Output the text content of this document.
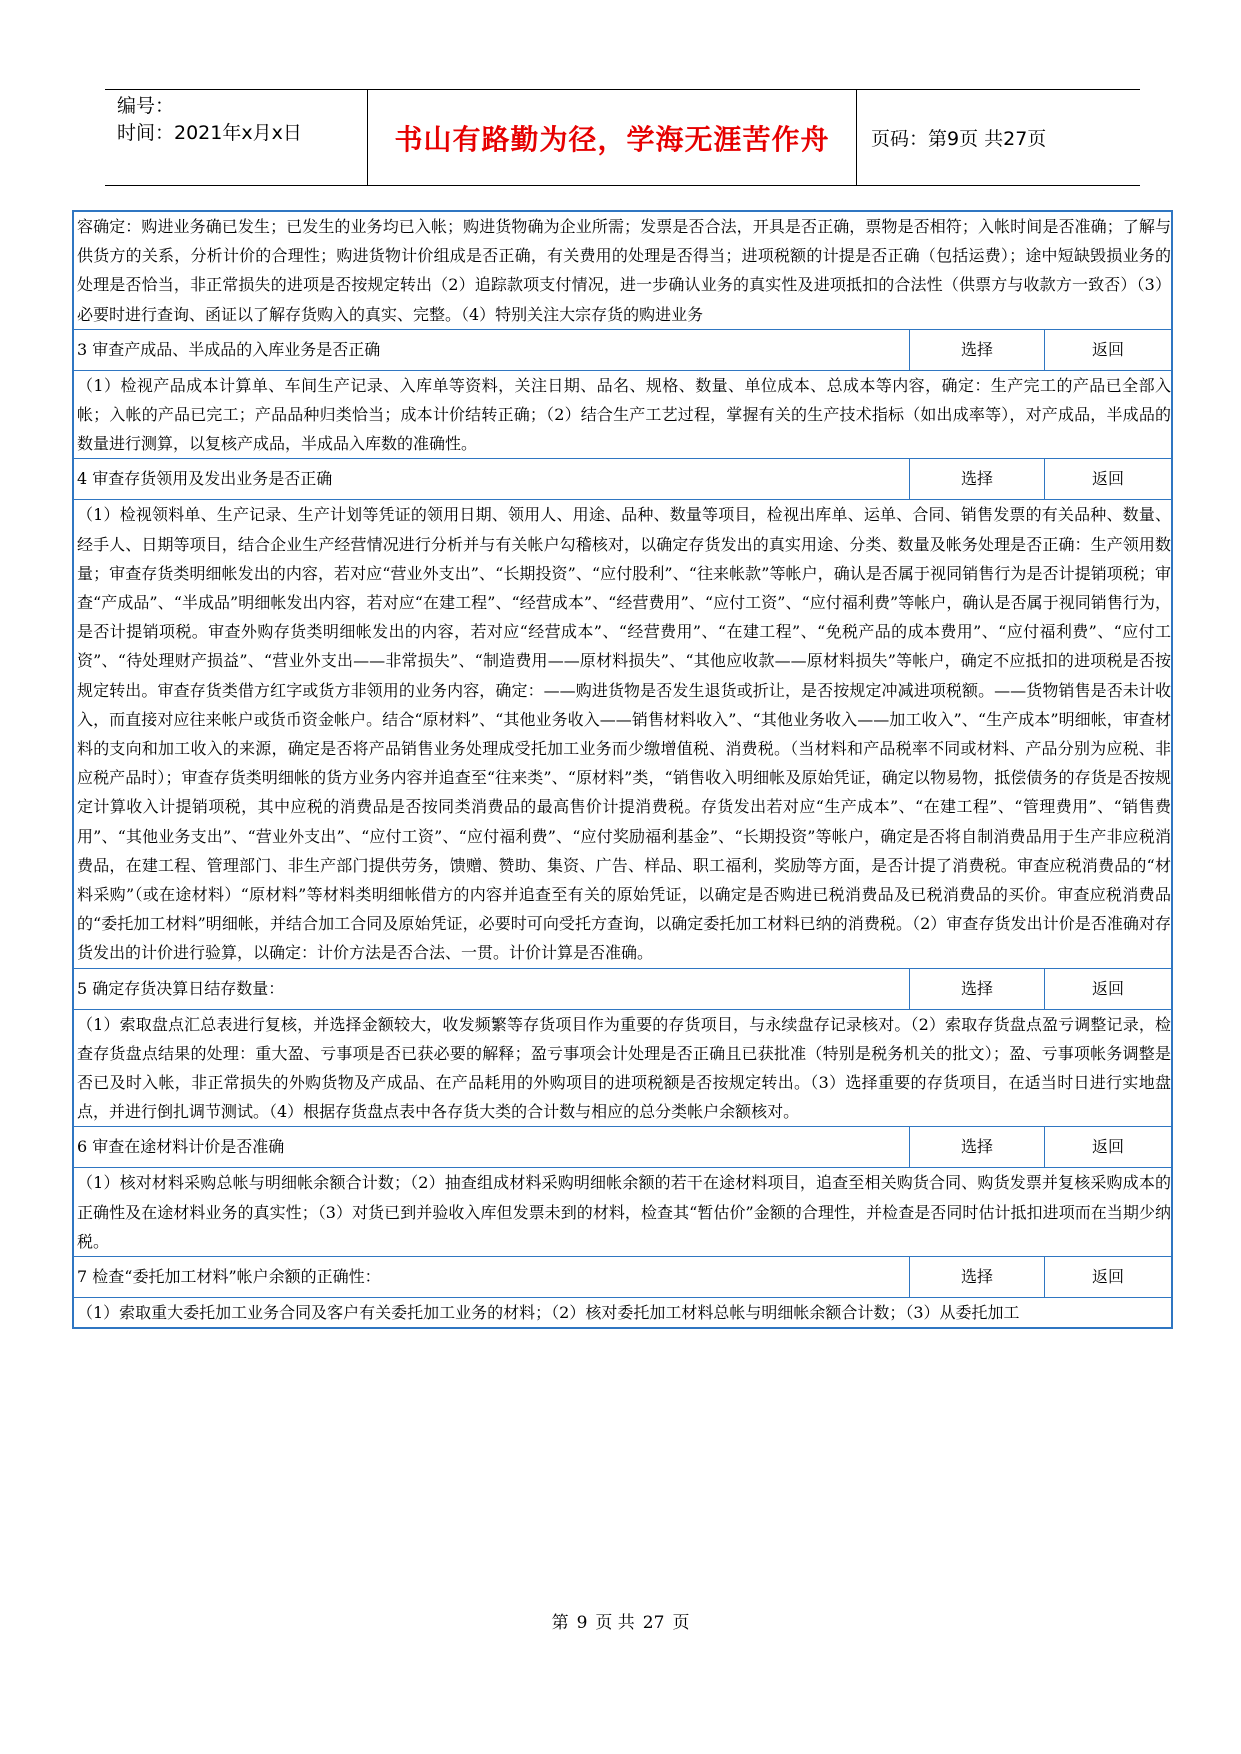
编号：
时间：2021年x月x日	书山有路勤为径，学海无涯苦作舟	页码：第9页 共27页
容确定：购进业务确已发生；已发生的业务均已入帐；购进货物确为企业所需；发票是否合法，开具是否正确，票物是否相符；入帐时间是否准确；了解与供货方的关系，分析计价的合理性；购进货物计价组成是否正确，有关费用的处理是否得当；进项税额的计提是否正确（包括运费）；途中短缺毁损业务的处理是否恰当，非正常损失的进项是否按规定转出（2）追踪款项支付情况，进一步确认业务的真实性及进项抵扣的合法性（供票方与收款方一致否）（3）必要时进行查询、函证以了解存货购入的真实、完整。（4）特别关注大宗存货的购进业务
3 审查产成品、半成品的入库业务是否正确	选择	返回
（1）检视产品成本计算单、车间生产记录、入库单等资料，关注日期、品名、规格、数量、单位成本、总成本等内容，确定：生产完工的产品已全部入帐；入帐的产品已完工；产品品种归类恰当；成本计价结转正确；（2）结合生产工艺过程，掌握有关的生产技术指标（如出成率等），对产成品，半成品的数量进行测算，以复核产成品，半成品入库数的准确性。
4 审查存货领用及发出业务是否正确	选择	返回
（1）检视领料单、生产记录、生产计划等凭证的领用日期、领用人、用途、品种、数量等项目，检视出库单、运单、合同、销售发票的有关品种、数量、经手人、日期等项目，结合企业生产经营情况进行分析并与有关帐户勾稽核对，以确定存货发出的真实用途、分类、数量及帐务处理是否正确：生产领用数量；审查存货类明细帐发出的内容，若对应“营业外支出”、“长期投资”、“应付股利”、“往来帐款”等帐户，确认是否属于视同销售行为是否计提销项税；审查“产成品”、“半成品”明细帐发出内容，若对应“在建工程”、“经营成本”、“经营费用”、“应付工资”、“应付福利费”等帐户，确认是否属于视同销售行为，是否计提销项税。审查外购存货类明细帐发出的内容，若对应“经营成本”、“经营费用”、“在建工程”、“免税产品的成本费用”、“应付福利费”、“应付工资”、“待处理财产损益”、“营业外支出——非常损失”、“制造费用——原材料损失”、“其他应收款——原材料损失”等帐户，确定不应抵扣的进项税是否按规定转出。审查存货类借方红字或货方非领用的业务内容，确定：——购进货物是否发生退货或折让，是否按规定冲减进项税额。——货物销售是否未计收入，而直接对应往来帐户或货币资金帐户。结合“原材料”、“其他业务收入——销售材料收入”、“其他业务收入——加工收入”、“生产成本”明细帐，审查材料的支向和加工收入的来源，确定是否将产品销售业务处理成受托加工业务而少缴增值税、消费税。（当材料和产品税率不同或材料、产品分别为应税、非应税产品时）；审查存货类明细帐的货方业务内容并追查至“往来类”、“原材料”类，“销售收入明细帐及原始凭证，确定以物易物，抵偿债务的存货是否按规定计算收入计提销项税，其中应税的消费品是否按同类消费品的最高售价计提消费税。存货发出若对应“生产成本”、“在建工程”、“管理费用”、“销售费用”、“其他业务支出”、“营业外支出”、“应付工资”、“应付福利费”、“应付奖励福利基金”、“长期投资”等帐户，确定是否将自制消费品用于生产非应税消费品，在建工程、管理部门、非生产部门提供劳务，馈赠、赞助、集资、广告、样品、职工福利，奖励等方面，是否计提了消费税。审查应税消费品的“材料采购”（或在途材料）“原材料”等材料类明细帐借方的内容并追查至有关的原始凭证，以确定是否购进已税消费品及已税消费品的买价。审查应税消费品的“委托加工材料”明细帐，并结合加工合同及原始凭证，必要时可向受托方查询，以确定委托加工材料已纳的消费税。（2）审查存货发出计价是否准确对存货发出的计价进行验算，以确定：计价方法是否合法、一贯。计价计算是否准确。
5 确定存货决算日结存数量：	选择	返回
（1）索取盘点汇总表进行复核，并选择金额较大，收发频繁等存货项目作为重要的存货项目，与永续盘存记录核对。（2）索取存货盘点盈亏调整记录，检查存货盘点结果的处理：重大盈、亏事项是否已获必要的解释；盈亏事项会计处理是否正确且已获批准（特别是税务机关的批文）；盈、亏事项帐务调整是否已及时入帐，非正常损失的外购货物及产成品、在产品耗用的外购项目的进项税额是否按规定转出。（3）选择重要的存货项目，在适当时日进行实地盘点，并进行倒扎调节测试。（4）根据存货盘点表中各存货大类的合计数与相应的总分类帐户余额核对。
6 审查在途材料计价是否准确	选择	返回
（1）核对材料采购总帐与明细帐余额合计数；（2）抽查组成材料采购明细帐余额的若干在途材料项目，追查至相关购货合同、购货发票并复核采购成本的正确性及在途材料业务的真实性；（3）对货已到并验收入库但发票未到的材料，检查其“暂估价”金额的合理性，并检查是否同时估计抵扣进项而在当期少纳税。
7 检查“委托加工材料”帐户余额的正确性：	选择	返回
（1）索取重大委托加工业务合同及客户有关委托加工业务的材料；（2）核对委托加工材料总帐与明细帐余额合计数；（3）从委托加工
第 9 页 共 27 页
